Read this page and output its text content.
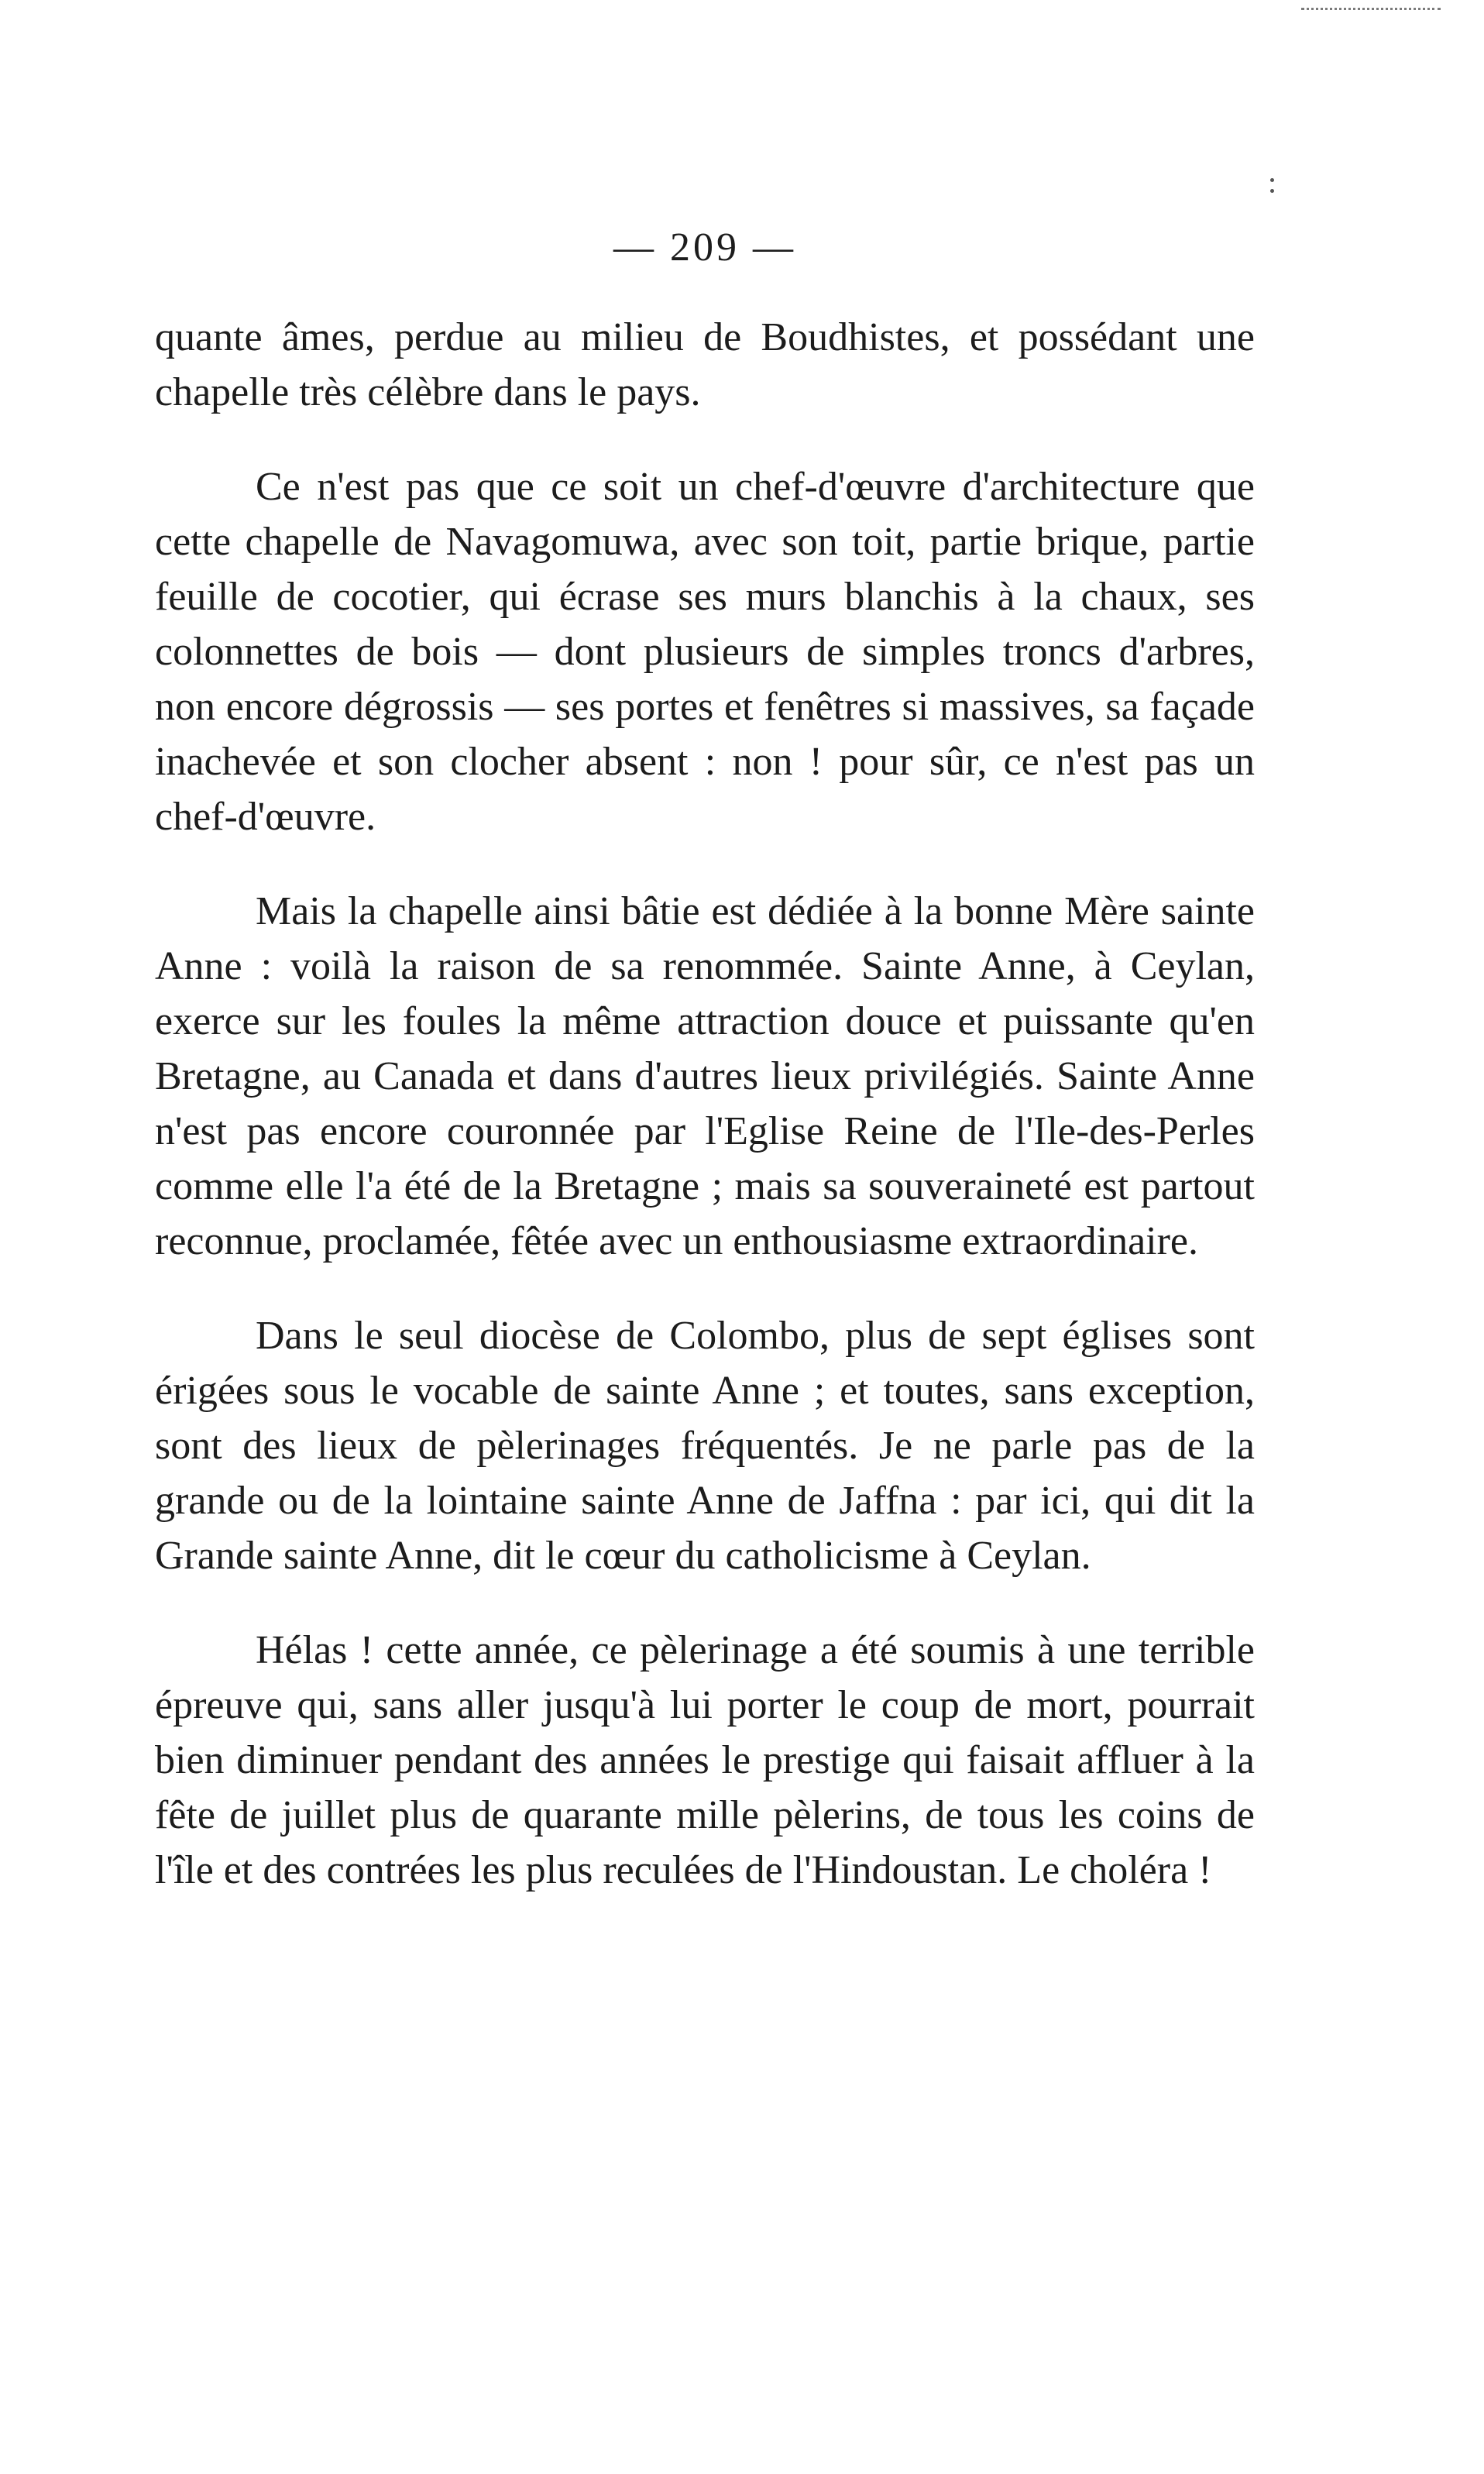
— 209 —

quante âmes, perdue au milieu de Boudhistes, et possédant une chapelle très célèbre dans le pays.

Ce n'est pas que ce soit un chef-d'œuvre d'architecture que cette chapelle de Navagomuwa, avec son toit, partie brique, partie feuille de cocotier, qui écrase ses murs blanchis à la chaux, ses colonnettes de bois — dont plusieurs de simples troncs d'arbres, non encore dégrossis — ses portes et fenêtres si massives, sa façade inachevée et son clocher absent : non ! pour sûr, ce n'est pas un chef-d'œuvre.

Mais la chapelle ainsi bâtie est dédiée à la bonne Mère sainte Anne : voilà la raison de sa renommée. Sainte Anne, à Ceylan, exerce sur les foules la même attraction douce et puissante qu'en Bretagne, au Canada et dans d'autres lieux privilégiés. Sainte Anne n'est pas encore couronnée par l'Eglise Reine de l'Ile-des-Perles comme elle l'a été de la Bretagne ; mais sa souveraineté est partout reconnue, proclamée, fêtée avec un enthousiasme extraordinaire.

Dans le seul diocèse de Colombo, plus de sept églises sont érigées sous le vocable de sainte Anne ; et toutes, sans exception, sont des lieux de pèlerinages fréquentés. Je ne parle pas de la grande ou de la lointaine sainte Anne de Jaffna : par ici, qui dit la Grande sainte Anne, dit le cœur du catholicisme à Ceylan.

Hélas ! cette année, ce pèlerinage a été soumis à une terrible épreuve qui, sans aller jusqu'à lui porter le coup de mort, pourrait bien diminuer pendant des années le prestige qui faisait affluer à la fête de juillet plus de quarante mille pèlerins, de tous les coins de l'île et des contrées les plus reculées de l'Hindoustan. Le choléra !
